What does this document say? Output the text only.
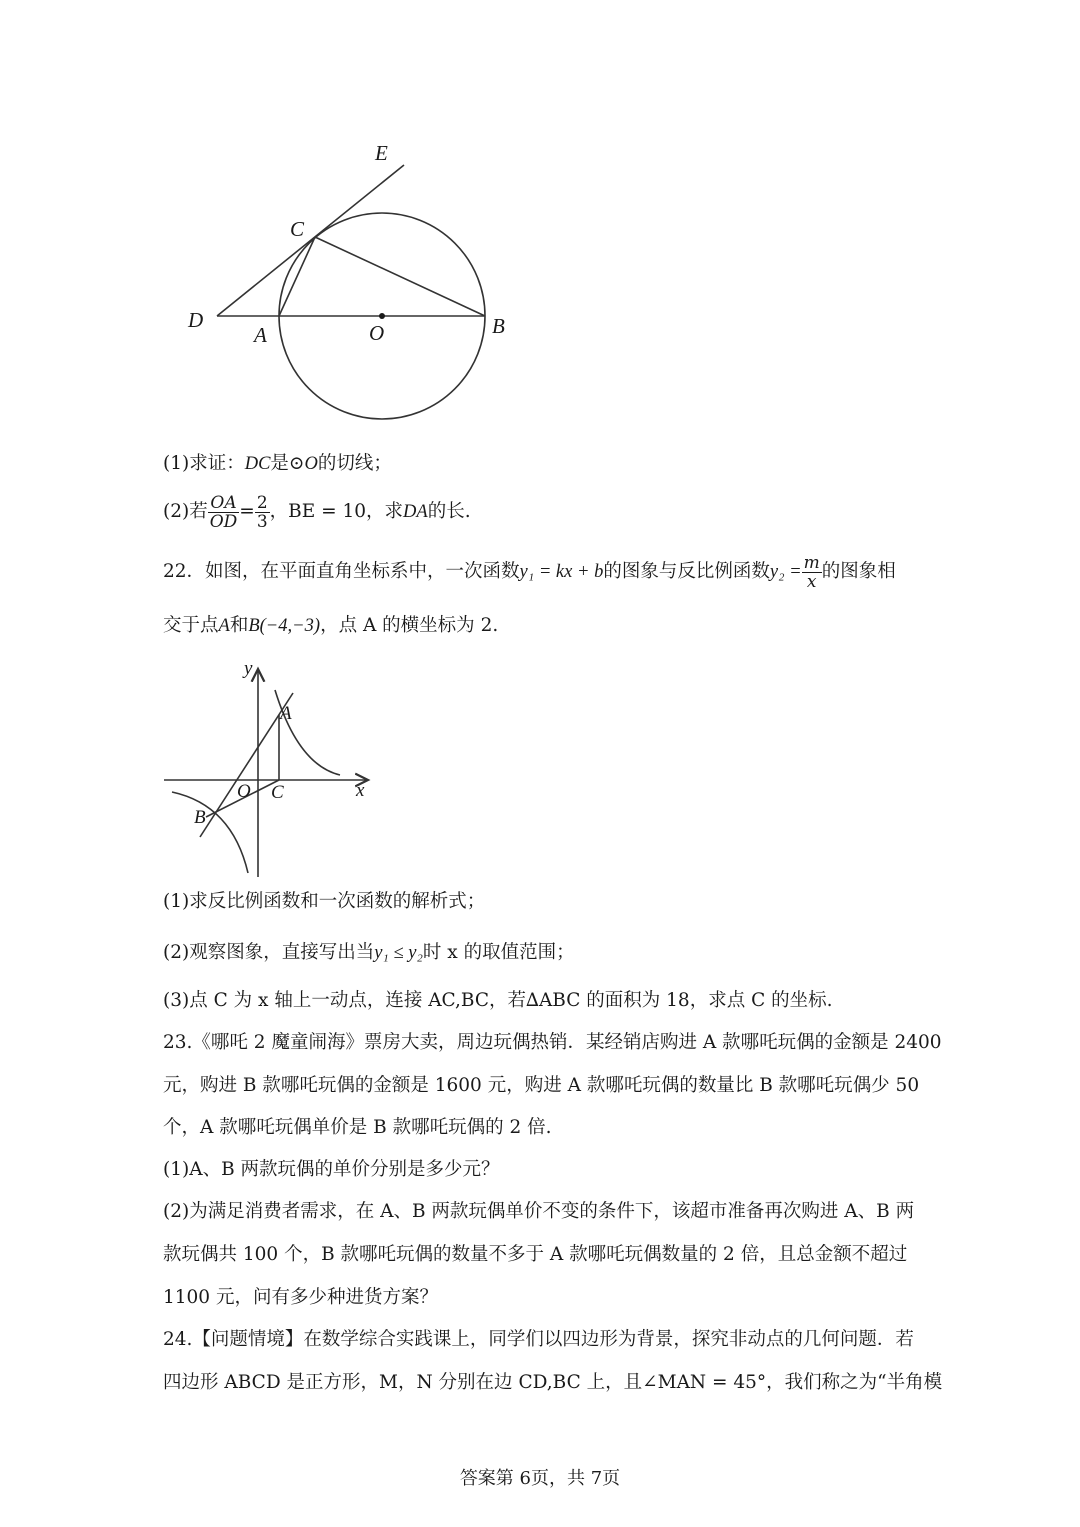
E
C
D
A	O	B
(1)求证：DC是⊙O的切线；
(2)若 $\frac{OA}{OD} = \frac{2}{3}$ ，BE = 10，求DA的长.
22．如图，在平面直角坐标系中，一次函数y₁ = kx + b的图象与反比例函数$y_2 = \frac{m}{x}$ 的图象相
交于点A和B(−4,−3)，点 A 的横坐标为 2.
y
x
A
O C
B
(1)求反比例函数和一次函数的解析式；
(2)观察图象，直接写出当y₁ ≤ y₂时 x 的取值范围；
(3)点 C 为 x 轴上一动点，连接 AC,BC，若∆ABC 的面积为 18，求点 C 的坐标.
23.《哪吒 2 魔童闹海》票房大卖，周边玩偶热销．某经销店购进 A 款哪吒玩偶的金额是 2400
元，购进 B 款哪吒玩偶的金额是 1600 元，购进 A 款哪吒玩偶的数量比 B 款哪吒玩偶少 50
个，A 款哪吒玩偶单价是 B 款哪吒玩偶的 2 倍.
(1)A、B 两款玩偶的单价分别是多少元？
(2)为满足消费者需求，在 A、B 两款玩偶单价不变的条件下，该超市准备再次购进 A、B 两
款玩偶共 100 个，B 款哪吒玩偶的数量不多于 A 款哪吒玩偶数量的 2 倍，且总金额不超过
1100 元，问有多少种进货方案？
24.【问题情境】在数学综合实践课上，同学们以四边形为背景，探究非动点的几何问题．若
四边形 ABCD 是正方形，M，N 分别在边 CD,BC 上，且∠MAN = 45°，我们称之为“半角模
答案第 6页，共 7页
